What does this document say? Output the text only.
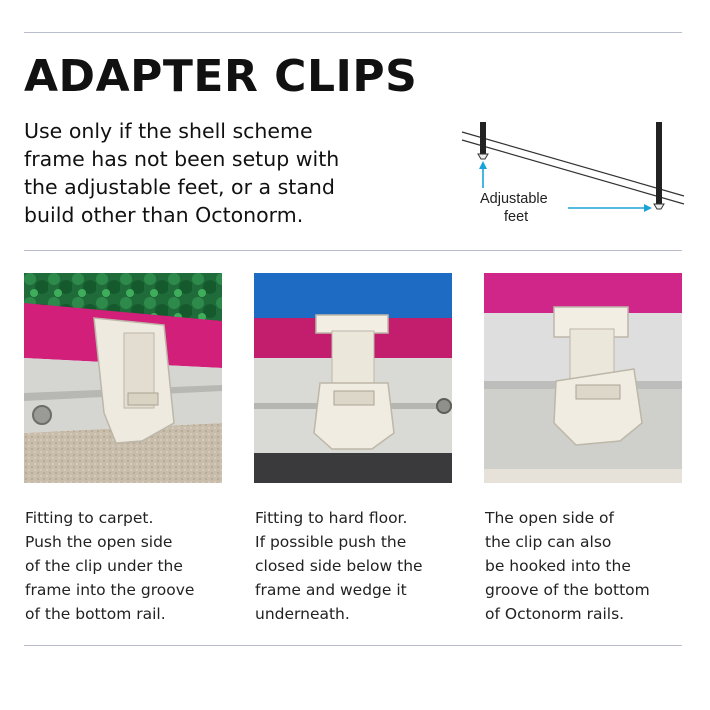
ADAPTER CLIPS
Use only if the shell scheme
frame has not been setup with
the adjustable feet, or a stand
build other than Octonorm.
Adjustable
feet
Fitting to carpet.
Push the open side
of the clip under the
frame into the groove
of the bottom rail.
Fitting to hard floor.
If possible push the
closed side below the
frame and wedge it
underneath.
The open side of
the clip can also
be hooked into the
groove of the bottom
of Octonorm rails.
